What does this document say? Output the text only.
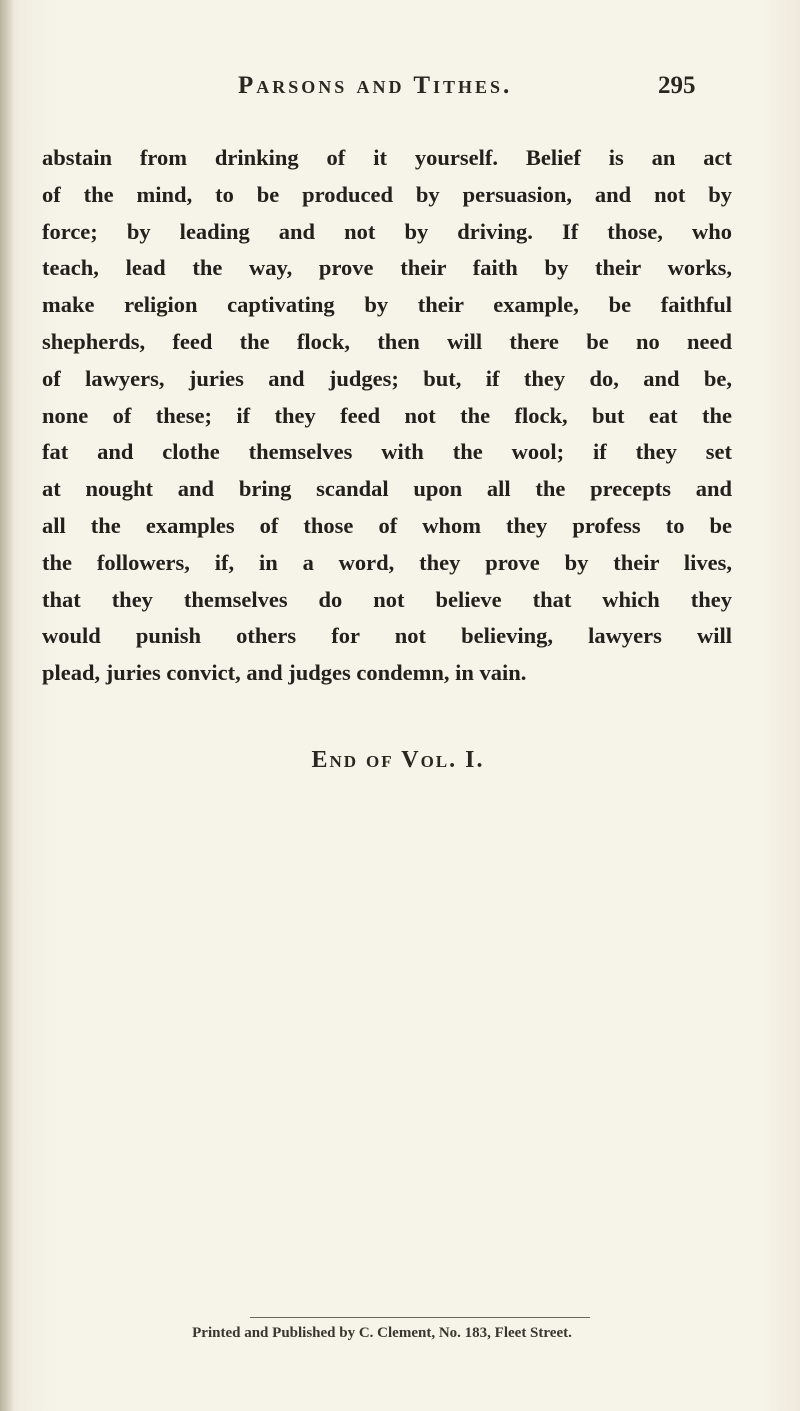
Parsons and Tithes.	295
abstain from drinking of it yourself. Belief is an act
of the mind, to be produced by persuasion, and not by
force; by leading and not by driving. If those, who
teach, lead the way, prove their faith by their works,
make religion captivating by their example, be faithful
shepherds, feed the flock, then will there be no need
of lawyers, juries and judges; but, if they do, and be,
none of these; if they feed not the flock, but eat the
fat and clothe themselves with the wool; if they set
at nought and bring scandal upon all the precepts and
all the examples of those of whom they profess to be
the followers, if, in a word, they prove by their lives,
that they themselves do not believe that which they
would punish others for not believing, lawyers will
plead, juries convict, and judges condemn, in vain.
End of Vol. I.
Printed and Published by C. Clement, No. 183, Fleet Street.
